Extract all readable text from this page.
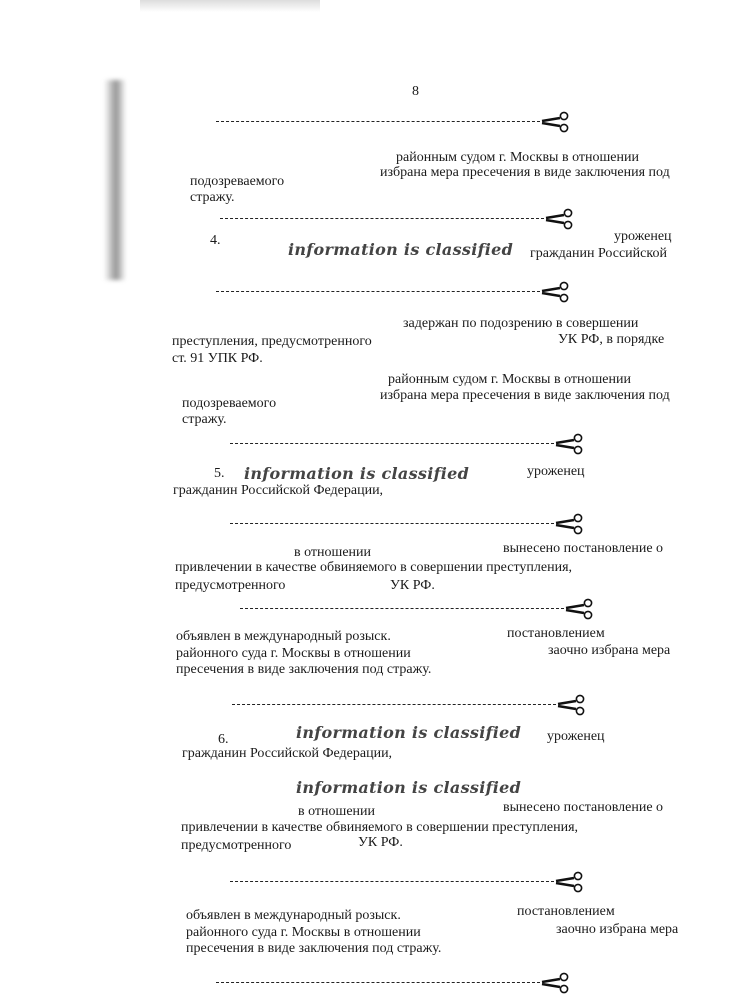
8
районным судом г. Москвы в отношении
подозреваемого
избрана мера пресечения в виде заключения под
стражу.
4.	information is classified
уроженец
гражданин Российской
задержан по подозрению в совершении
преступления, предусмотренного	УК РФ, в порядке
ст. 91 УПК РФ.
районным судом г. Москвы в отношении
подозреваемого
избрана мера пресечения в виде заключения под
стражу.
5. information is classified	уроженец
гражданин Российской Федерации,
в отношении	вынесено постановление о
привлечении в качестве обвиняемого в совершении преступления,
предусмотренного	УК РФ.
объявлен в международный розыск.	постановлением
районного суда г. Москвы в отношении	заочно избрана мера
пресечения в виде заключения под стражу.
6.	information is classified уроженец
гражданин Российской Федерации,
information is classified
в отношении	вынесено постановление о
привлечении в качестве обвиняемого в совершении преступления,
предусмотренного	УК РФ.
объявлен в международный розыск.	постановлением
районного суда г. Москвы в отношении	заочно избрана мера
пресечения в виде заключения под стражу.
